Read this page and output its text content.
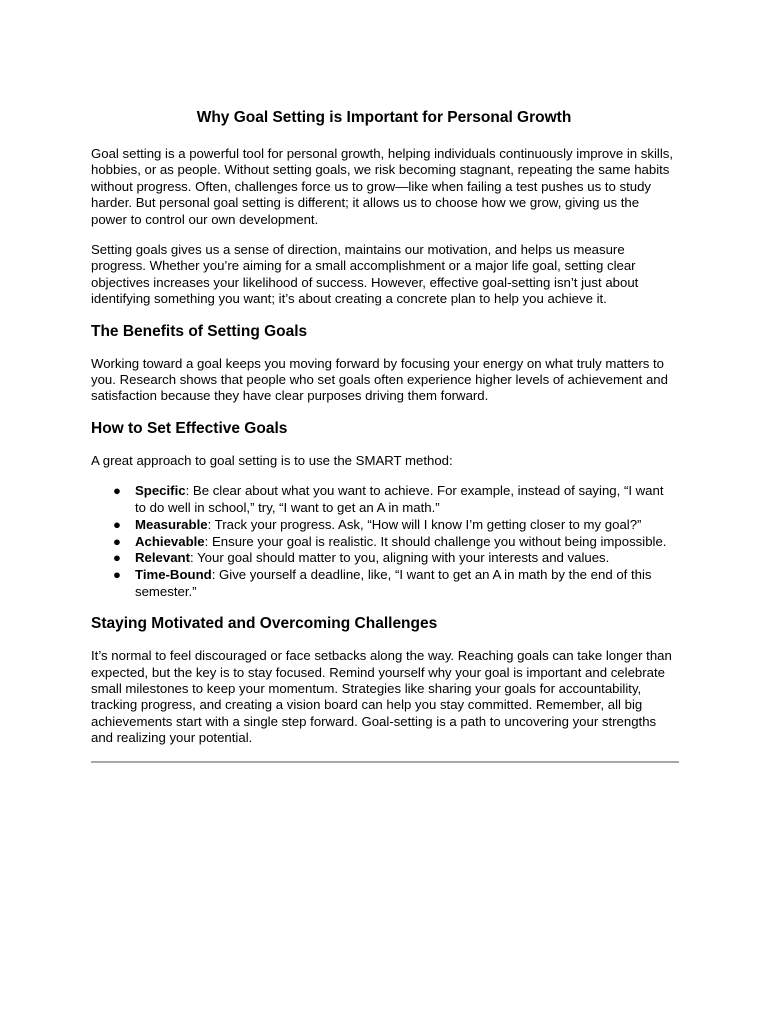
Why Goal Setting is Important for Personal Growth

Goal setting is a powerful tool for personal growth, helping individuals continuously improve in skills, hobbies, or as people. Without setting goals, we risk becoming stagnant, repeating the same habits without progress. Often, challenges force us to grow—like when failing a test pushes us to study harder. But personal goal setting is different; it allows us to choose how we grow, giving us the power to control our own development.

Setting goals gives us a sense of direction, maintains our motivation, and helps us measure progress. Whether you’re aiming for a small accomplishment or a major life goal, setting clear objectives increases your likelihood of success. However, effective goal-setting isn’t just about identifying something you want; it’s about creating a concrete plan to help you achieve it.

The Benefits of Setting Goals

Working toward a goal keeps you moving forward by focusing your energy on what truly matters to you. Research shows that people who set goals often experience higher levels of achievement and satisfaction because they have clear purposes driving them forward.

How to Set Effective Goals

A great approach to goal setting is to use the SMART method:

● Specific: Be clear about what you want to achieve. For example, instead of saying, “I want to do well in school,” try, “I want to get an A in math.”
● Measurable: Track your progress. Ask, “How will I know I’m getting closer to my goal?”
● Achievable: Ensure your goal is realistic. It should challenge you without being impossible.
● Relevant: Your goal should matter to you, aligning with your interests and values.
● Time-Bound: Give yourself a deadline, like, “I want to get an A in math by the end of this semester.”
Staying Motivated and Overcoming Challenges

It’s normal to feel discouraged or face setbacks along the way. Reaching goals can take longer than expected, but the key is to stay focused. Remind yourself why your goal is important and celebrate small milestones to keep your momentum. Strategies like sharing your goals for accountability, tracking progress, and creating a vision board can help you stay committed. Remember, all big achievements start with a single step forward. Goal-setting is a path to uncovering your strengths and realizing your potential.
